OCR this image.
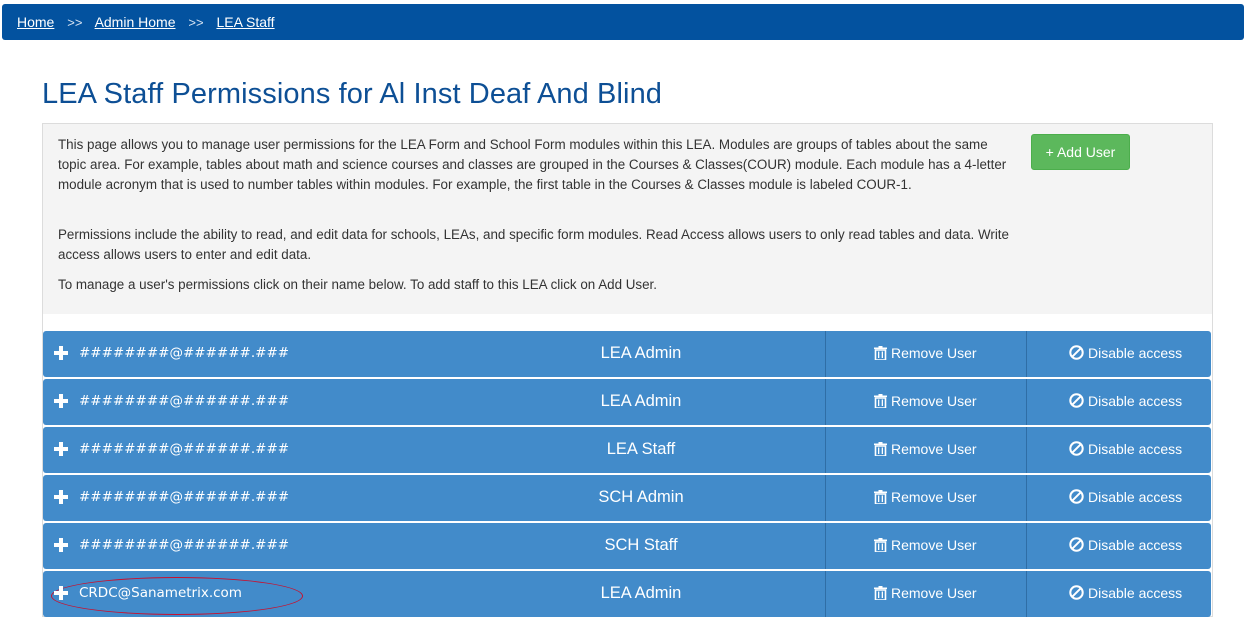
Home >> Admin Home >> LEA Staff
LEA Staff Permissions for Al Inst Deaf And Blind

This page allows you to manage user permissions for the LEA Form and School Form modules within this LEA. Modules are groups of tables about the same topic area. For example, tables about math and science courses and classes are grouped in the Courses & Classes(COUR) module. Each module has a 4-letter module acronym that is used to number tables within modules. For example, the first table in the Courses & Classes module is labeled COUR-1.

Permissions include the ability to read, and edit data for schools, LEAs, and specific form modules. Read Access allows users to only read tables and data. Write access allows users to enter and edit data.

To manage a user's permissions click on their name below. To add staff to this LEA click on Add User.

+ Add User
########@######.###	LEA Admin	Remove User	Disable access
########@######.###	LEA Admin	Remove User	Disable access
########@######.###	LEA Staff	Remove User	Disable access
########@######.###	SCH Admin	Remove User	Disable access
########@######.###	SCH Staff	Remove User	Disable access
CRDC@Sanametrix.com	LEA Admin	Remove User	Disable access
